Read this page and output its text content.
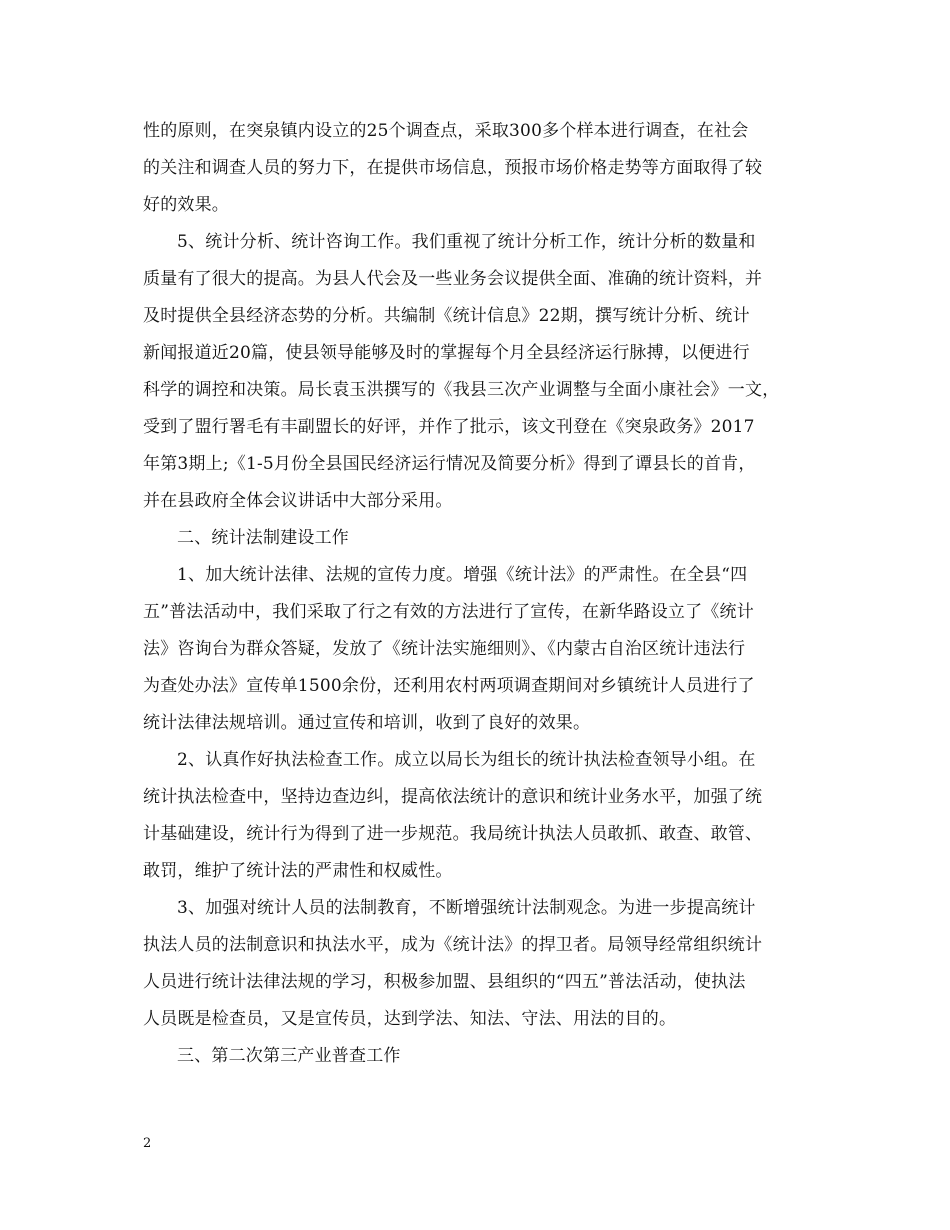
性的原则，在突泉镇内设立的25个调查点，采取300多个样本进行调查，在社会
的关注和调查人员的努力下，在提供市场信息，预报市场价格走势等方面取得了较
好的效果。
5、统计分析、统计咨询工作。我们重视了统计分析工作，统计分析的数量和
质量有了很大的提高。为县人代会及一些业务会议提供全面、准确的统计资料，并
及时提供全县经济态势的分析。共编制《统计信息》22期，撰写统计分析、统计
新闻报道近20篇，使县领导能够及时的掌握每个月全县经济运行脉搏，以便进行
科学的调控和决策。局长袁玉洪撰写的《我县三次产业调整与全面小康社会》一文，
受到了盟行署毛有丰副盟长的好评，并作了批示，该文刊登在《突泉政务》2017
年第3期上;《1-5月份全县国民经济运行情况及简要分析》得到了谭县长的首肯，
并在县政府全体会议讲话中大部分采用。
二、统计法制建设工作
1、加大统计法律、法规的宣传力度。增强《统计法》的严肃性。在全县“四
五”普法活动中，我们采取了行之有效的方法进行了宣传，在新华路设立了《统计
法》咨询台为群众答疑，发放了《统计法实施细则》、《内蒙古自治区统计违法行
为查处办法》宣传单1500余份，还利用农村两项调查期间对乡镇统计人员进行了
统计法律法规培训。通过宣传和培训，收到了良好的效果。
2、认真作好执法检查工作。成立以局长为组长的统计执法检查领导小组。在
统计执法检查中，坚持边查边纠，提高依法统计的意识和统计业务水平，加强了统
计基础建设，统计行为得到了进一步规范。我局统计执法人员敢抓、敢查、敢管、
敢罚，维护了统计法的严肃性和权威性。
3、加强对统计人员的法制教育，不断增强统计法制观念。为进一步提高统计
执法人员的法制意识和执法水平，成为《统计法》的捍卫者。局领导经常组织统计
人员进行统计法律法规的学习，积极参加盟、县组织的“四五”普法活动，使执法
人员既是检查员，又是宣传员，达到学法、知法、守法、用法的目的。
三、第二次第三产业普查工作
2
